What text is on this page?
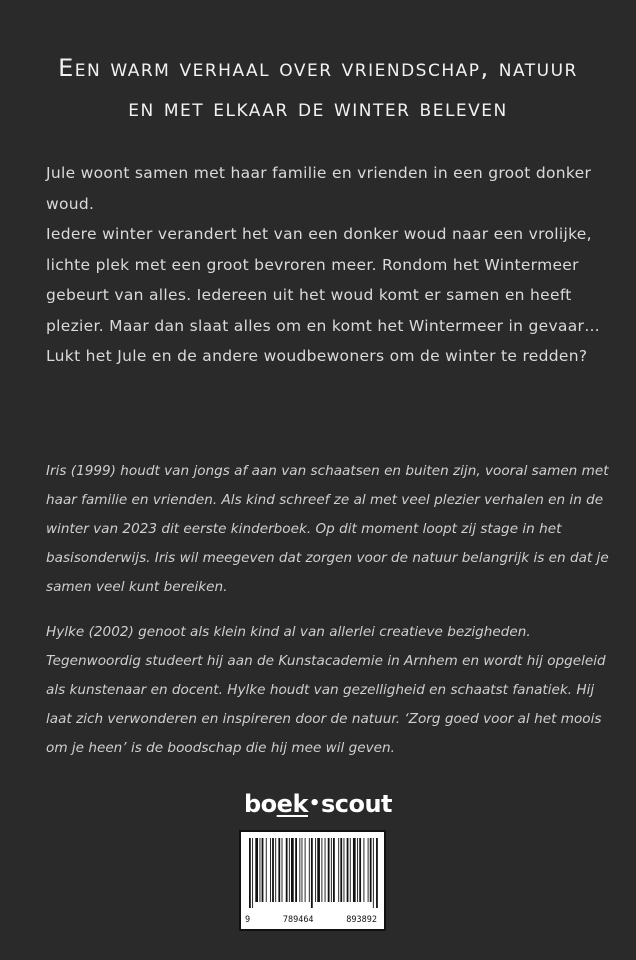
Een warm verhaal over vriendschap, natuur
en met elkaar de winter beleven

Jule woont samen met haar familie en vrienden in een groot donker woud.

Iedere winter verandert het van een donker woud naar een vrolijke, lichte plek met een groot bevroren meer. Rondom het Wintermeer gebeurt van alles. Iedereen uit het woud komt er samen en heeft plezier. Maar dan slaat alles om en komt het Wintermeer in gevaar…

Lukt het Jule en de andere woudbewoners om de winter te redden?

Iris (1999) houdt van jongs af aan van schaatsen en buiten zijn, vooral samen met haar familie en vrienden. Als kind schreef ze al met veel plezier verhalen en in de winter van 2023 dit eerste kinderboek. Op dit moment loopt zij stage in het basisonderwijs. Iris wil meegeven dat zorgen voor de natuur belangrijk is en dat je samen veel kunt bereiken.
Hylke (2002) genoot als klein kind al van allerlei creatieve bezigheden. Tegenwoordig studeert hij aan de Kunstacademie in Arnhem en wordt hij opgeleid als kunstenaar en docent. Hylke houdt van gezelligheid en schaatst fanatiek. Hij laat zich verwonderen en inspireren door de natuur. ‘Zorg goed voor al het moois om je heen’ is de boodschap die hij mee wil geven.
boek•scout
9	789464	893892
